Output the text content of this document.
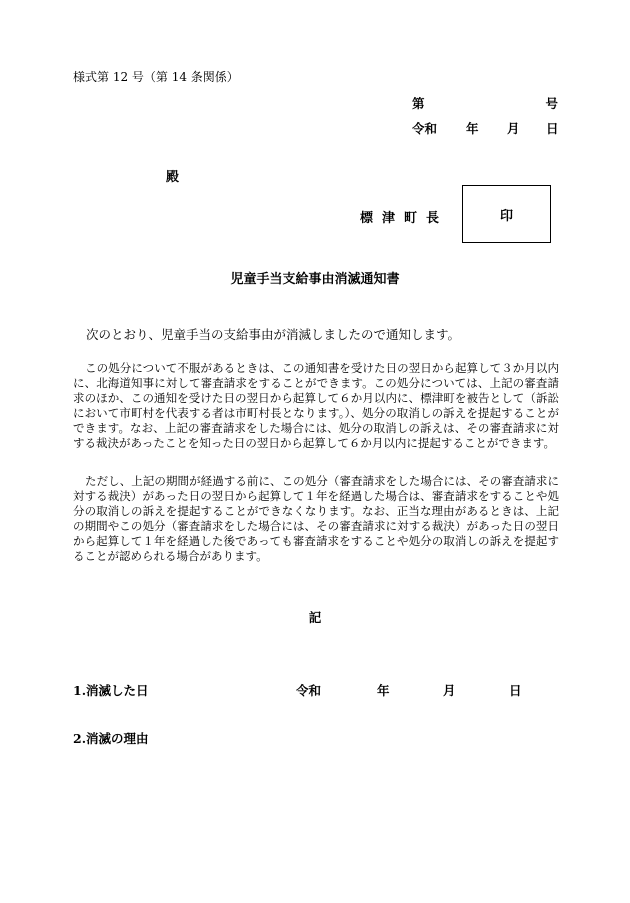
様式第 12 号（第 14 条関係）
第	号
令和 年 月 日
殿
標津町長	印
児童手当支給事由消滅通知書
次のとおり、児童手当の支給事由が消滅しましたので通知します。
この処分について不服があるときは、この通知書を受けた日の翌日から起算して３か月以内に、北海道知事に対して審査請求をすることができます。この処分については、上記の審査請求のほか、この通知を受けた日の翌日から起算して６か月以内に、標津町を被告として（訴訟において市町村を代表する者は市町村長となります。）、処分の取消しの訴えを提起することができます。なお、上記の審査請求をした場合には、処分の取消しの訴えは、その審査請求に対する裁決があったことを知った日の翌日から起算して６か月以内に提起することができます。
ただし、上記の期間が経過する前に、この処分（審査請求をした場合には、その審査請求に対する裁決）があった日の翌日から起算して１年を経過した場合は、審査請求をすることや処分の取消しの訴えを提起することができなくなります。なお、正当な理由があるときは、上記の期間やこの処分（審査請求をした場合には、その審査請求に対する裁決）があった日の翌日から起算して１年を経過した後であっても審査請求をすることや処分の取消しの訴えを提起することが認められる場合があります。
記
1.消滅した日	令和	年	月	日
2.消滅の理由
